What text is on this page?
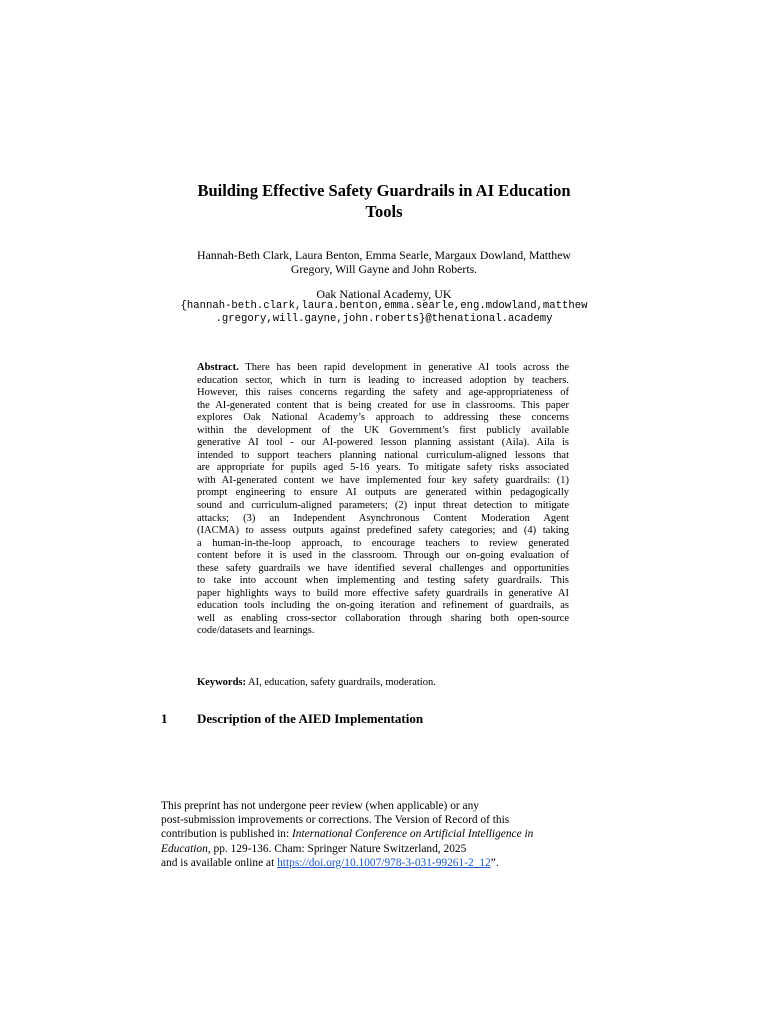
Building Effective Safety Guardrails in AI Education
Tools
Hannah-Beth Clark, Laura Benton, Emma Searle, Margaux Dowland, Matthew
Gregory, Will Gayne and John Roberts.
Oak National Academy, UK
{hannah-beth.clark,laura.benton,emma.searle,eng.mdowland,matthew
.gregory,will.gayne,john.roberts}@thenational.academy
Abstract. There has been rapid development in generative AI tools across the
education sector, which in turn is leading to increased adoption by teachers.
However, this raises concerns regarding the safety and age-appropriateness of
the AI-generated content that is being created for use in classrooms. This paper
explores Oak National Academy’s approach to addressing these concerns
within the development of the UK Government’s first publicly available
generative AI tool - our AI-powered lesson planning assistant (Aila). Aila is
intended to support teachers planning national curriculum-aligned lessons that
are appropriate for pupils aged 5-16 years. To mitigate safety risks associated
with AI-generated content we have implemented four key safety guardrails: (1)
prompt engineering to ensure AI outputs are generated within pedagogically
sound and curriculum-aligned parameters; (2) input threat detection to mitigate
attacks; (3) an Independent Asynchronous Content Moderation Agent
(IACMA) to assess outputs against predefined safety categories; and (4) taking
a human-in-the-loop approach, to encourage teachers to review generated
content before it is used in the classroom. Through our on-going evaluation of
these safety guardrails we have identified several challenges and opportunities
to take into account when implementing and testing safety guardrails. This
paper highlights ways to build more effective safety guardrails in generative AI
education tools including the on-going iteration and refinement of guardrails, as
well as enabling cross-sector collaboration through sharing both open-source
code/datasets and learnings.
Keywords: AI, education, safety guardrails, moderation.
1 Description of the AIED Implementation
This preprint has not undergone peer review (when applicable) or any
post-submission improvements or corrections. The Version of Record of this
contribution is published in: International Conference on Artificial Intelligence in
Education, pp. 129-136. Cham: Springer Nature Switzerland, 2025
and is available online at https://doi.org/10.1007/978-3-031-99261-2_12”.
